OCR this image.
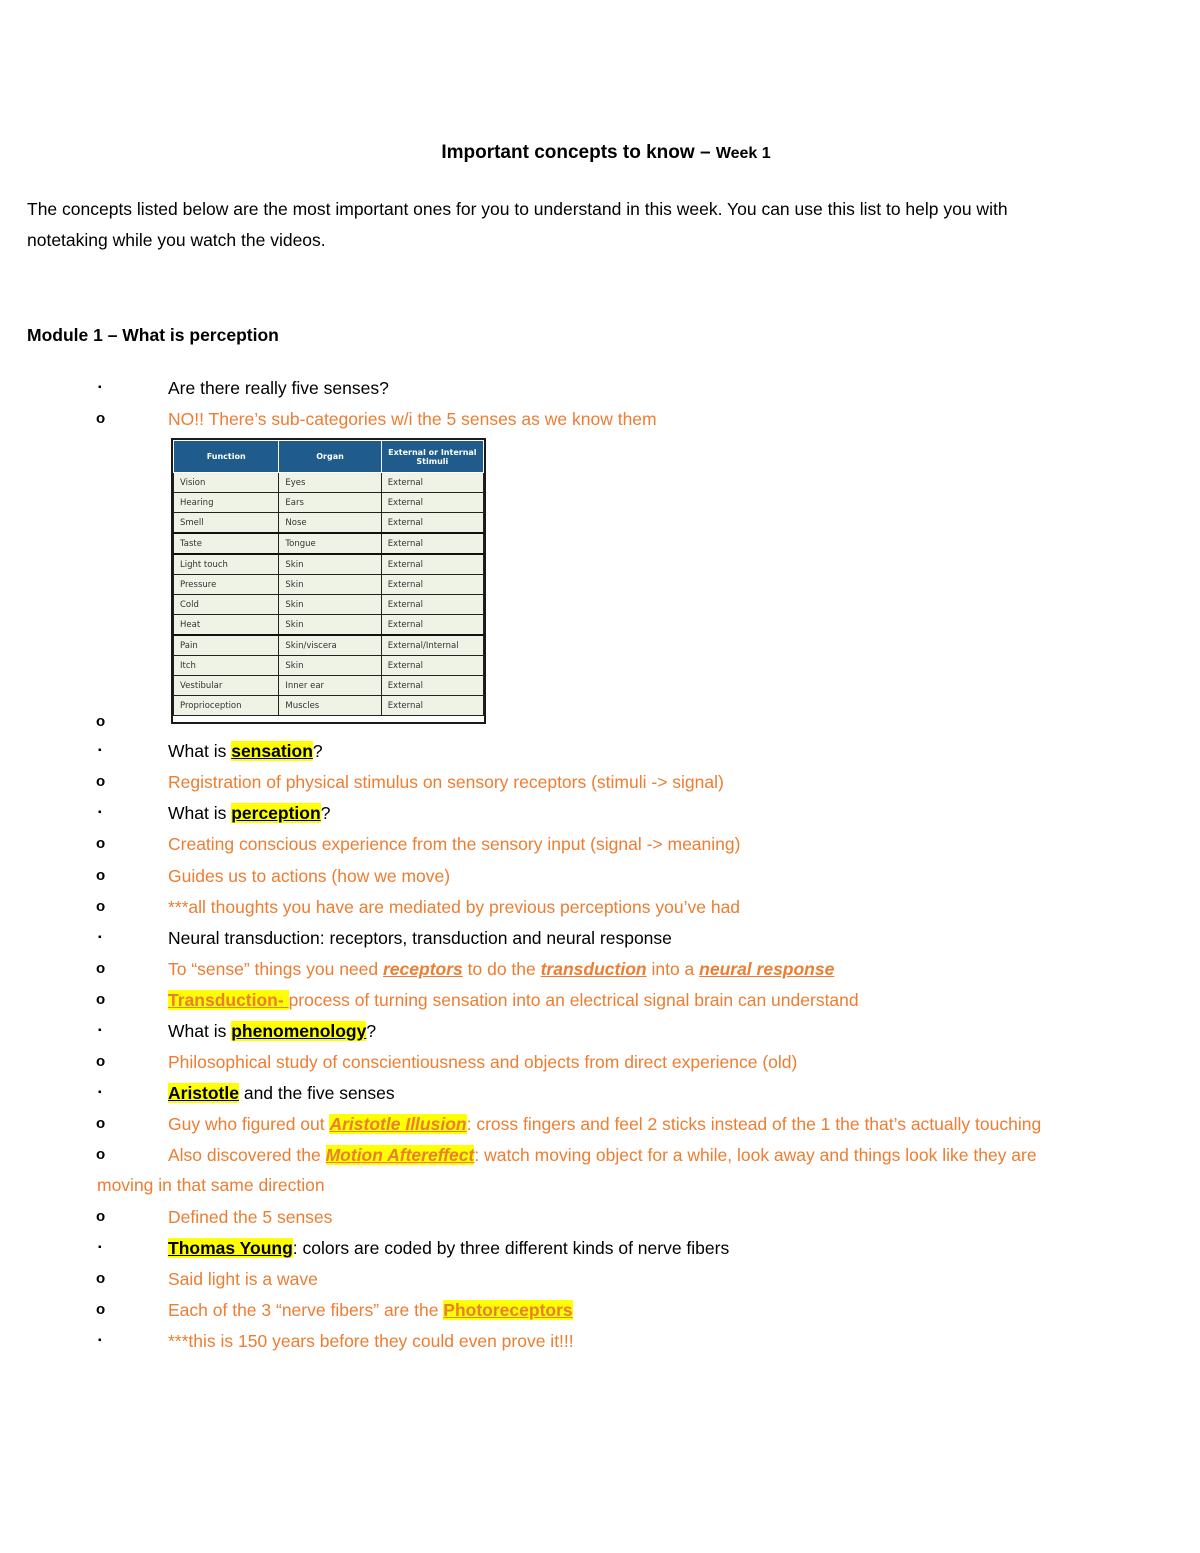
Important concepts to know – Week 1
The concepts listed below are the most important ones for you to understand in this week. You can use this list to help you with
notetaking while you watch the videos.
Module 1 – What is perception
▪	Are there really five senses?
o	NO!! There’s sub-categories w/i the 5 senses as we know them
Function	Organ	External or Internal Stimuli
Vision	Eyes	External
Hearing	Ears	External
Smell	Nose	External
Taste	Tongue	External
Light touch	Skin	External
Pressure	Skin	External
Cold	Skin	External
Heat	Skin	External
Pain	Skin/viscera	External/Internal
Itch	Skin	External
Vestibular	Inner ear	External
Proprioception	Muscles	External
o
▪	What is sensation?
o	Registration of physical stimulus on sensory receptors (stimuli -> signal)
▪	What is perception?
o	Creating conscious experience from the sensory input (signal -> meaning)
o	Guides us to actions (how we move)
o	***all thoughts you have are mediated by previous perceptions you’ve had
▪	Neural transduction: receptors, transduction and neural response
o	To “sense” things you need receptors to do the transduction into a neural response
o	Transduction- process of turning sensation into an electrical signal brain can understand
▪	What is phenomenology?
o	Philosophical study of conscientiousness and objects from direct experience (old)
▪	Aristotle and the five senses
o	Guy who figured out Aristotle Illusion: cross fingers and feel 2 sticks instead of the 1 the that’s actually touching
o	Also discovered the Motion Aftereffect: watch moving object for a while, look away and things look like they are
moving in that same direction
o	Defined the 5 senses
▪	Thomas Young: colors are coded by three different kinds of nerve fibers
o	Said light is a wave
o	Each of the 3 “nerve fibers” are the Photoreceptors
▪	***this is 150 years before they could even prove it!!!
